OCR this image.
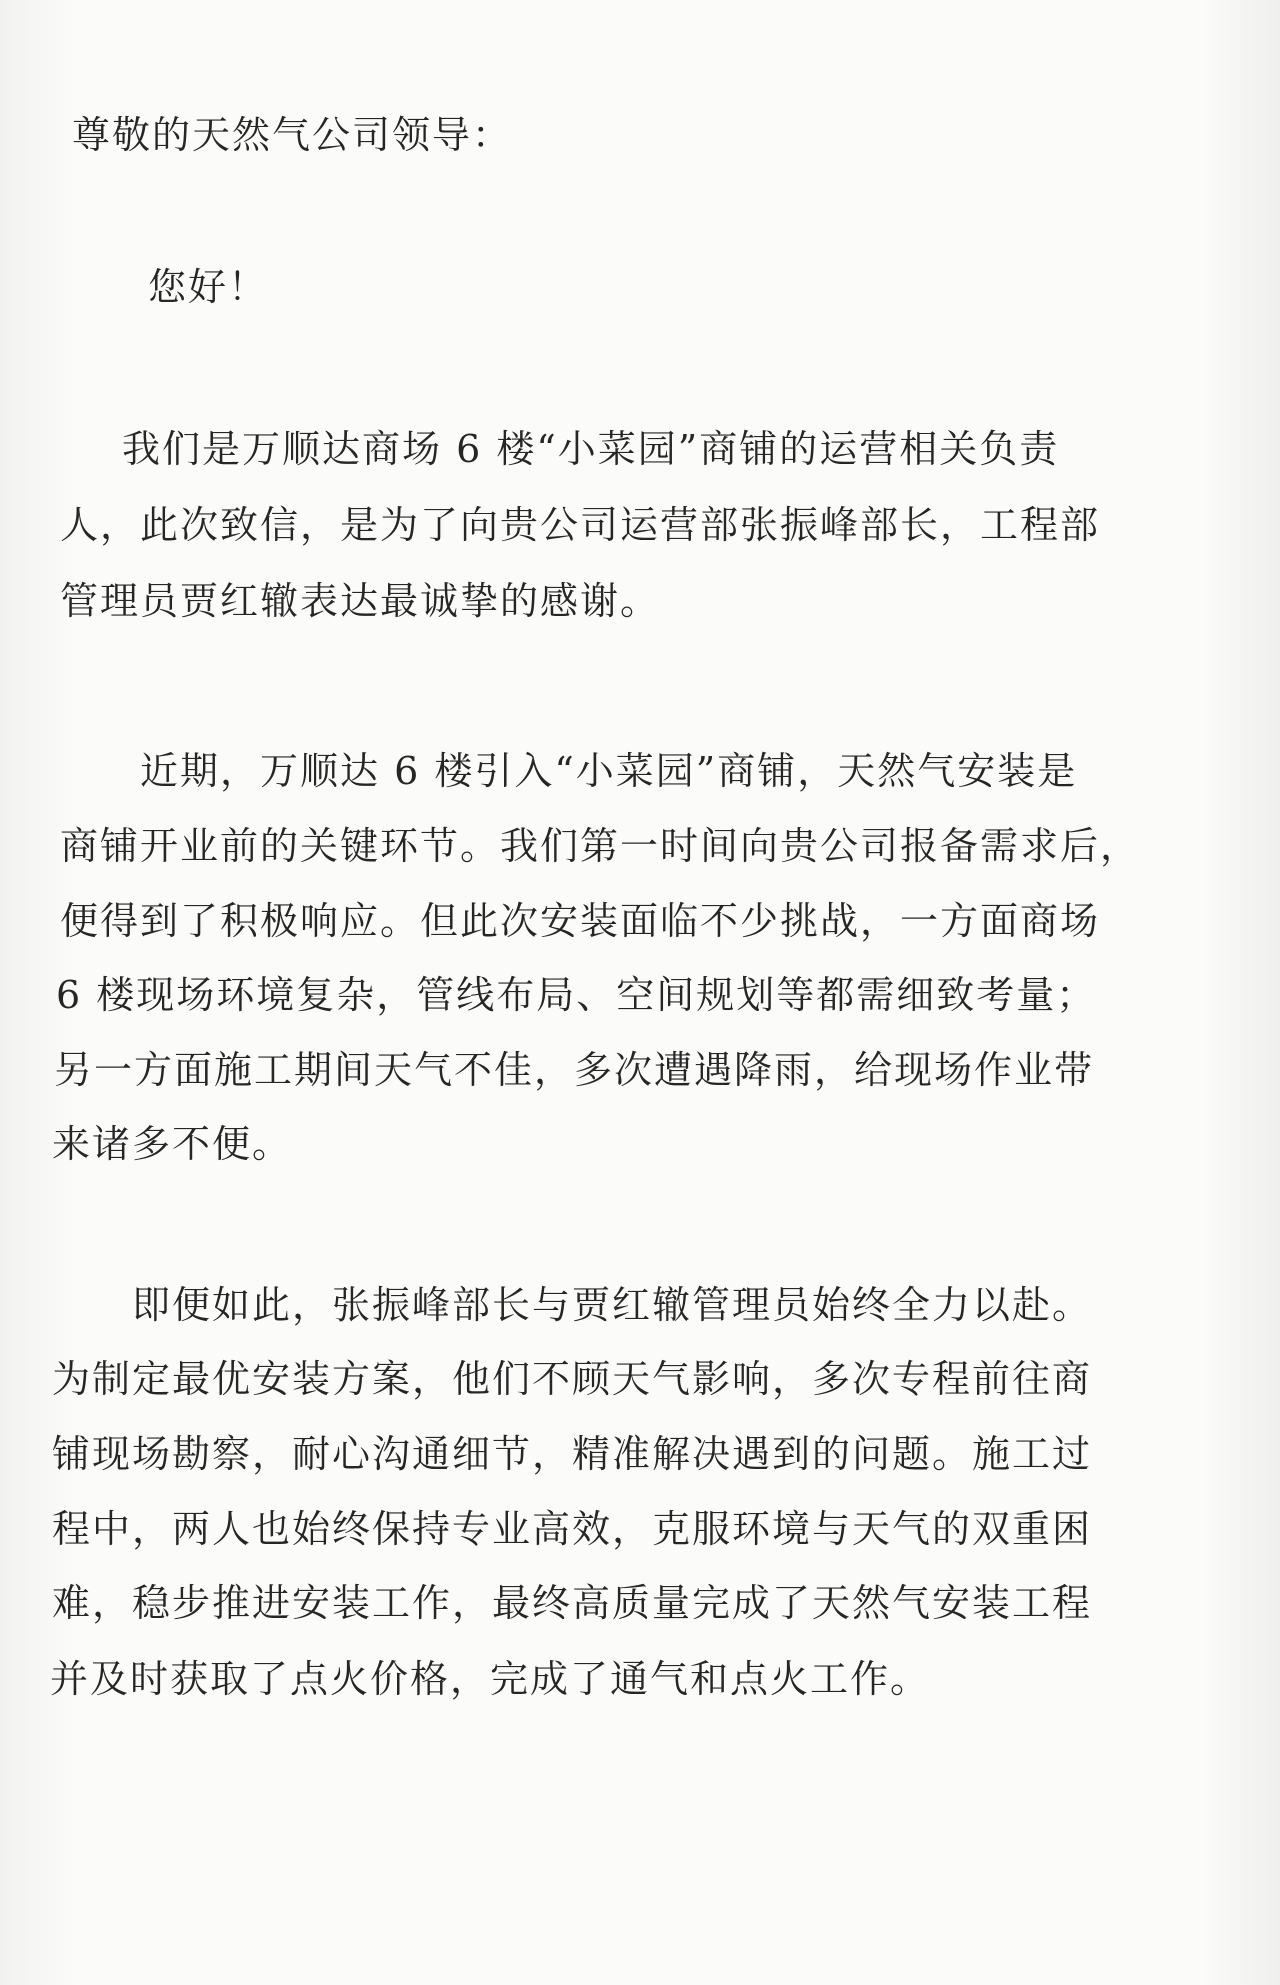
尊敬的天然气公司领导：
您好！
我们是万顺达商场 6 楼“小菜园”商铺的运营相关负责
人，此次致信，是为了向贵公司运营部张振峰部长，工程部
管理员贾红辙表达最诚挚的感谢。
近期，万顺达 6 楼引入“小菜园”商铺，天然气安装是
商铺开业前的关键环节。我们第一时间向贵公司报备需求后，
便得到了积极响应。但此次安装面临不少挑战，一方面商场
6 楼现场环境复杂，管线布局、空间规划等都需细致考量；
另一方面施工期间天气不佳，多次遭遇降雨，给现场作业带
来诸多不便。
即便如此，张振峰部长与贾红辙管理员始终全力以赴。
为制定最优安装方案，他们不顾天气影响，多次专程前往商
铺现场勘察，耐心沟通细节，精准解决遇到的问题。施工过
程中，两人也始终保持专业高效，克服环境与天气的双重困
难，稳步推进安装工作，最终高质量完成了天然气安装工程
并及时获取了点火价格，完成了通气和点火工作。
